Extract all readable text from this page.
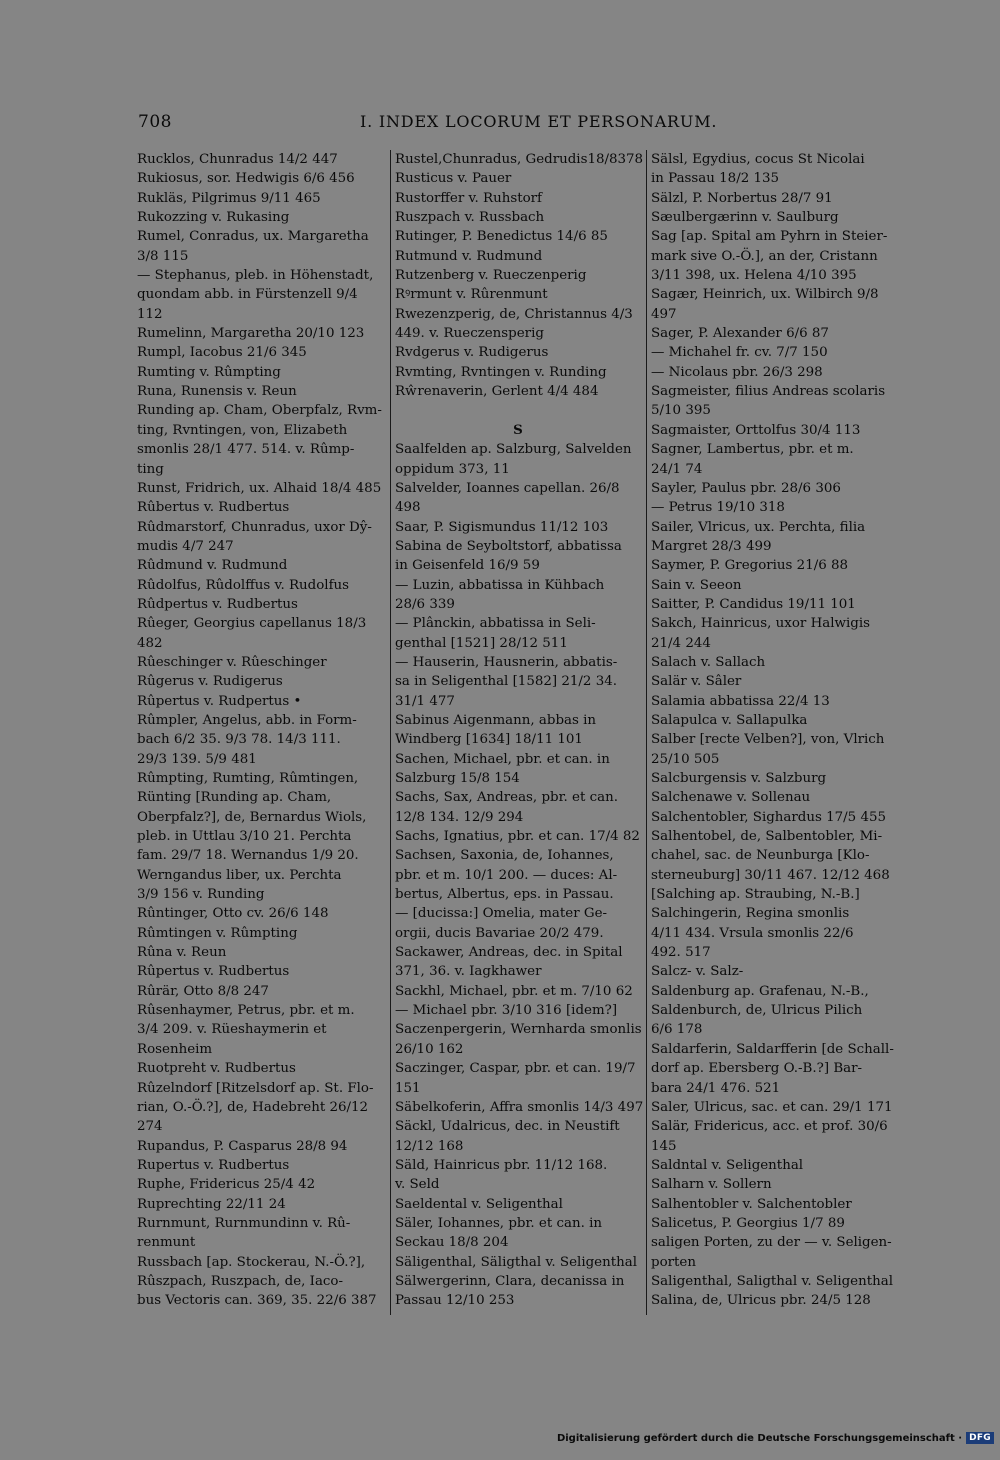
708	I. INDEX LOCORUM ET PERSONARUM.
Rucklos, Chunradus 14/2 447
Rukiosus, sor. Hedwigis 6/6 456
Rukläs, Pilgrimus 9/11 465
Rukozzing v. Rukasing
Rumel, Conradus, ux. Margaretha
3/8 115
— Stephanus, pleb. in Höhenstadt,
quondam abb. in Fürstenzell 9/4
112
Rumelinn, Margaretha 20/10 123
Rumpl, Iacobus 21/6 345
Rumting v. Rûmpting
Runa, Runensis v. Reun
Runding ap. Cham, Oberpfalz, Rvm-
ting, Rvntingen, von, Elizabeth
smonlis 28/1 477. 514. v. Rûmp-
ting
Runst, Fridrich, ux. Alhaid 18/4 485
Rûbertus v. Rudbertus
Rûdmarstorf, Chunradus, uxor Dŷ-
mudis 4/7 247
Rûdmund v. Rudmund
Rûdolfus, Rûdolffus v. Rudolfus
Rûdpertus v. Rudbertus
Rûeger, Georgius capellanus 18/3
482
Rûeschinger v. Rûeschinger
Rûgerus v. Rudigerus
Rûpertus v. Rudpertus •
Rûmpler, Angelus, abb. in Form-
bach 6/2 35. 9/3 78. 14/3 111.
29/3 139. 5/9 481
Rûmpting, Rumting, Rûmtingen,
Rünting [Runding ap. Cham,
Oberpfalz?], de, Bernardus Wiols,
pleb. in Uttlau 3/10 21. Perchta
fam. 29/7 18. Wernandus 1/9 20.
Werngandus liber, ux. Perchta
3/9 156 v. Runding
Rûntinger, Otto cv. 26/6 148
Rûmtingen v. Rûmpting
Rûna v. Reun
Rûpertus v. Rudbertus
Rûrär, Otto 8/8 247
Rûsenhaymer, Petrus, pbr. et m.
3/4 209. v. Rüeshaymerin et
Rosenheim
Ruotpreht v. Rudbertus
Rûzelndorf [Ritzelsdorf ap. St. Flo-
rian, O.-Ö.?], de, Hadebreht 26/12
274
Rupandus, P. Casparus 28/8 94
Rupertus v. Rudbertus
Ruphe, Fridericus 25/4 42
Ruprechting 22/11 24
Rurnmunt, Rurnmundinn v. Rû-
renmunt
Russbach [ap. Stockerau, N.-Ö.?],
Rûszpach, Ruszpach, de, Iaco-
bus Vectoris can. 369, 35. 22/6 387
Rustel,Chunradus, Gedrudis18/8378
Rusticus v. Pauer
Rustorffer v. Ruhstorf
Ruszpach v. Russbach
Rutinger, P. Benedictus 14/6 85
Rutmund v. Rudmund
Rutzenberg v. Rueczenperig
Rꝰrmunt v. Rûrenmunt
Rwezenzperig, de, Christannus 4/3
449. v. Rueczensperig
Rvdgerus v. Rudigerus
Rvmting, Rvntingen v. Runding
Rŵrenaverin, Gerlent 4/4 484

S
Saalfelden ap. Salzburg, Salvelden
oppidum 373, 11
Salvelder, Ioannes capellan. 26/8
498
Saar, P. Sigismundus 11/12 103
Sabina de Seyboltstorf, abbatissa
in Geisenfeld 16/9 59
— Luzin, abbatissa in Kühbach
28/6 339
— Plânckin, abbatissa in Seli-
genthal [1521] 28/12 511
— Hauserin, Hausnerin, abbatis-
sa in Seligenthal [1582] 21/2 34.
31/1 477
Sabinus Aigenmann, abbas in
Windberg [1634] 18/11 101
Sachen, Michael, pbr. et can. in
Salzburg 15/8 154
Sachs, Sax, Andreas, pbr. et can.
12/8 134. 12/9 294
Sachs, Ignatius, pbr. et can. 17/4 82
Sachsen, Saxonia, de, Iohannes,
pbr. et m. 10/1 200. — duces: Al-
bertus, Albertus, eps. in Passau.
— [ducissa:] Omelia, mater Ge-
orgii, ducis Bavariae 20/2 479.
Sackawer, Andreas, dec. in Spital
371, 36. v. Iagkhawer
Sackhl, Michael, pbr. et m. 7/10 62
— Michael pbr. 3/10 316 [idem?]
Saczenpergerin, Wernharda smonlis
26/10 162
Saczinger, Caspar, pbr. et can. 19/7
151
Säbelkoferin, Affra smonlis 14/3 497
Säckl, Udalricus, dec. in Neustift
12/12 168
Säld, Hainricus pbr. 11/12 168.
v. Seld
Saeldental v. Seligenthal
Säler, Iohannes, pbr. et can. in
Seckau 18/8 204
Säligenthal, Säligthal v. Seligenthal
Sälwergerinn, Clara, decanissa in
Passau 12/10 253
Sälsl, Egydius, cocus St Nicolai
in Passau 18/2 135
Sälzl, P. Norbertus 28/7 91
Sæulbergærinn v. Saulburg
Sag [ap. Spital am Pyhrn in Steier-
mark sive O.-Ö.], an der, Cristann
3/11 398, ux. Helena 4/10 395
Sagær, Heinrich, ux. Wilbirch 9/8
497
Sager, P. Alexander 6/6 87
— Michahel fr. cv. 7/7 150
— Nicolaus pbr. 26/3 298
Sagmeister, filius Andreas scolaris
5/10 395
Sagmaister, Orttolfus 30/4 113
Sagner, Lambertus, pbr. et m.
24/1 74
Sayler, Paulus pbr. 28/6 306
— Petrus 19/10 318
Sailer, Vlricus, ux. Perchta, filia
Margret 28/3 499
Saymer, P. Gregorius 21/6 88
Sain v. Seeon
Saitter, P. Candidus 19/11 101
Sakch, Hainricus, uxor Halwigis
21/4 244
Salach v. Sallach
Salär v. Sâler
Salamia abbatissa 22/4 13
Salapulca v. Sallapulka
Salber [recte Velben?], von, Vlrich
25/10 505
Salcburgensis v. Salzburg
Salchenawe v. Sollenau
Salchentobler, Sighardus 17/5 455
Salhentobel, de, Salbentobler, Mi-
chahel, sac. de Neunburga [Klo-
sterneuburg] 30/11 467. 12/12 468
[Salching ap. Straubing, N.-B.]
Salchingerin, Regina smonlis
4/11 434. Vrsula smonlis 22/6
492. 517
Salcz- v. Salz-
Saldenburg ap. Grafenau, N.-B.,
Saldenburch, de, Ulricus Pilich
6/6 178
Saldarferin, Saldarfferin [de Schall-
dorf ap. Ebersberg O.-B.?] Bar-
bara 24/1 476. 521
Saler, Ulricus, sac. et can. 29/1 171
Salär, Fridericus, acc. et prof. 30/6
145
Saldntal v. Seligenthal
Salharn v. Sollern
Salhentobler v. Salchentobler
Salicetus, P. Georgius 1/7 89
saligen Porten, zu der — v. Seligen-
porten
Saligenthal, Saligthal v. Seligenthal
Salina, de, Ulricus pbr. 24/5 128
Digitalisierung gefördert durch die Deutsche Forschungsgemeinschaft · DFG
